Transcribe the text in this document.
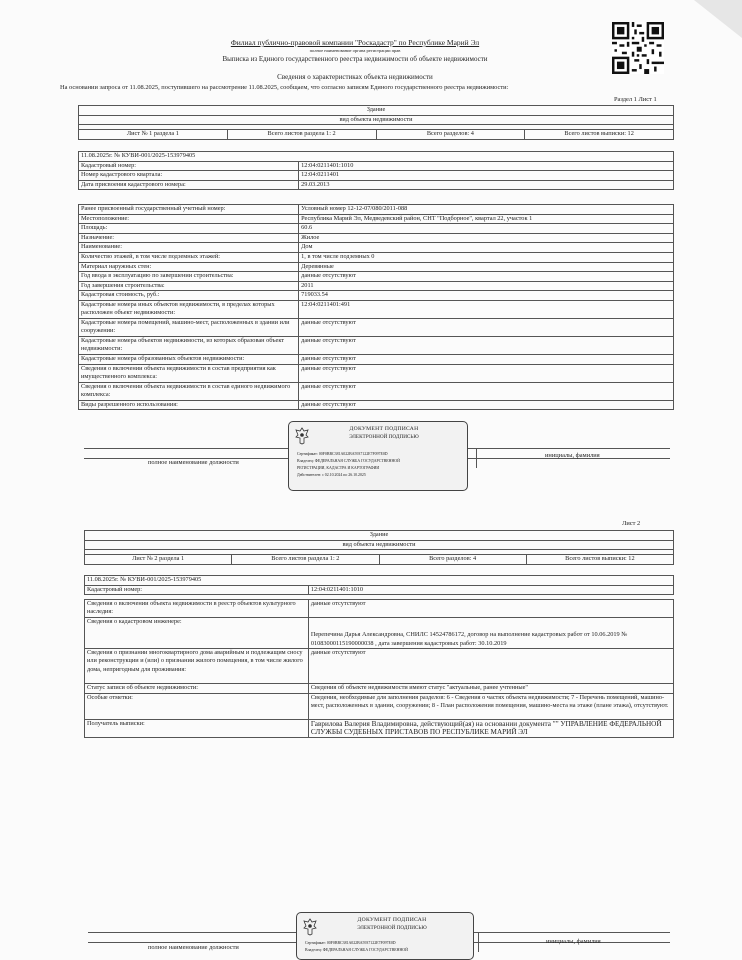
Филиал публично-правовой компании "Роскадастр" по Республике Марий Эл
полное наименование органа регистрации прав
Выписка из Единого государственного реестра недвижимости об объекте недвижимости
Сведения о характеристиках объекта недвижимости
На основании запроса от 11.08.2025, поступившего на рассмотрение 11.08.2025, сообщаем, что согласно записям Единого государственного реестра недвижимости:
Раздел 1 Лист 1
Здание
вид объекта недвижимости

Лист № 1 раздела 1	Всего листов раздела 1: 2	Всего разделов: 4	Всего листов выписки: 12
11.08.2025г. № КУВИ-001/2025-153979405	
Кадастровый номер:	12:04:0211401:1010
Номер кадастрового квартала:	12:04:0211401
Дата присвоения кадастрового номера:	29.03.2013
Ранее присвоенный государственный учетный номер:	Условный номер 12-12-07/080/2011-088
Местоположение:	Республика Марий Эл, Медведевский район, СНТ "Подборное", квартал 22, участок 1
Площадь:	60.6
Назначение:	Жилое
Наименование:	Дом
Количество этажей, в том числе подземных этажей:	1, в том числе подземных 0
Материал наружных стен:	Деревянные
Год ввода в эксплуатацию по завершении строительства:	данные отсутствуют
Год завершения строительства:	2011
Кадастровая стоимость, руб.:	719033.54
Кадастровые номера иных объектов недвижимости, в пределах которых расположен объект недвижимости:	12:04:0211401:491
Кадастровые номера помещений, машино-мест, расположенных в здании или сооружении:	данные отсутствуют
Кадастровые номера объектов недвижимости, из которых образован объект недвижимости:	данные отсутствуют
Кадастровые номера образованных объектов недвижимости:	данные отсутствуют
Сведения о включении объекта недвижимости в состав предприятия как имущественного комплекса:	данные отсутствуют
Сведения о включении объекта недвижимости в состав единого недвижимого комплекса:	данные отсутствуют
Виды разрешенного использования:	данные отсутствуют
полное наименование должности
инициалы, фамилия
ДОКУМЕНТ ПОДПИСАН
ЭЛЕКТРОННОЙ ПОДПИСЬЮ
Сертификат: 00F0BBC381A022BA5937122E7F097E0D
Владелец: ФЕДЕРАЛЬНАЯ СЛУЖБА ГОСУДАРСТВЕННОЙ
РЕГИСТРАЦИИ, КАДАСТРА И КАРТОГРАФИИ
Действителен: с 02.10.2024 по 26.10.2025
Лист 2
Здание
вид объекта недвижимости

Лист № 2 раздела 1	Всего листов раздела 1: 2	Всего разделов: 4	Всего листов выписки: 12
11.08.2025г. № КУВИ-001/2025-153979405
Кадастровый номер:	12:04:0211401:1010
Сведения о включении объекта недвижимости в реестр объектов культурного наследия:	данные отсутствуют
Сведения о кадастровом инженере:	Перепечина Дарья Александровна, СНИЛС 14524786172, договор на выполнение кадастровых работ от 10.06.2019 № 01083000115190000038 , дата завершения кадастровых работ: 30.10.2019
Сведения о признании многоквартирного дома аварийным и подлежащим сносу или реконструкции и (или) о признании жилого помещения, в том числе жилого дома, непригодным для проживания:	данные отсутствуют
Статус записи об объекте недвижимости:	Сведения об объекте недвижимости имеют статус "актуальные, ранее учтенные"
Особые отметки:	Сведения, необходимые для заполнения разделов: 6 - Сведения о частях объекта недвижимости; 7 - Перечень помещений, машино-мест, расположенных в здании, сооружении; 8 - План расположения помещения, машино-места на этаже (плане этажа), отсутствуют.
Получатель выписки:	Гаврилова Валерия Владимировна, действующий(ая) на основании документа "" УПРАВЛЕНИЕ ФЕДЕРАЛЬНОЙ СЛУЖБЫ СУДЕБНЫХ ПРИСТАВОВ ПО РЕСПУБЛИКЕ МАРИЙ ЭЛ
полное наименование должности
инициалы, фамилия
ДОКУМЕНТ ПОДПИСАН
ЭЛЕКТРОННОЙ ПОДПИСЬЮ
Сертификат: 00F0BBC381A022BA5937122E7F097E0D
Владелец: ФЕДЕРАЛЬНАЯ СЛУЖБА ГОСУДАРСТВЕННОЙ
